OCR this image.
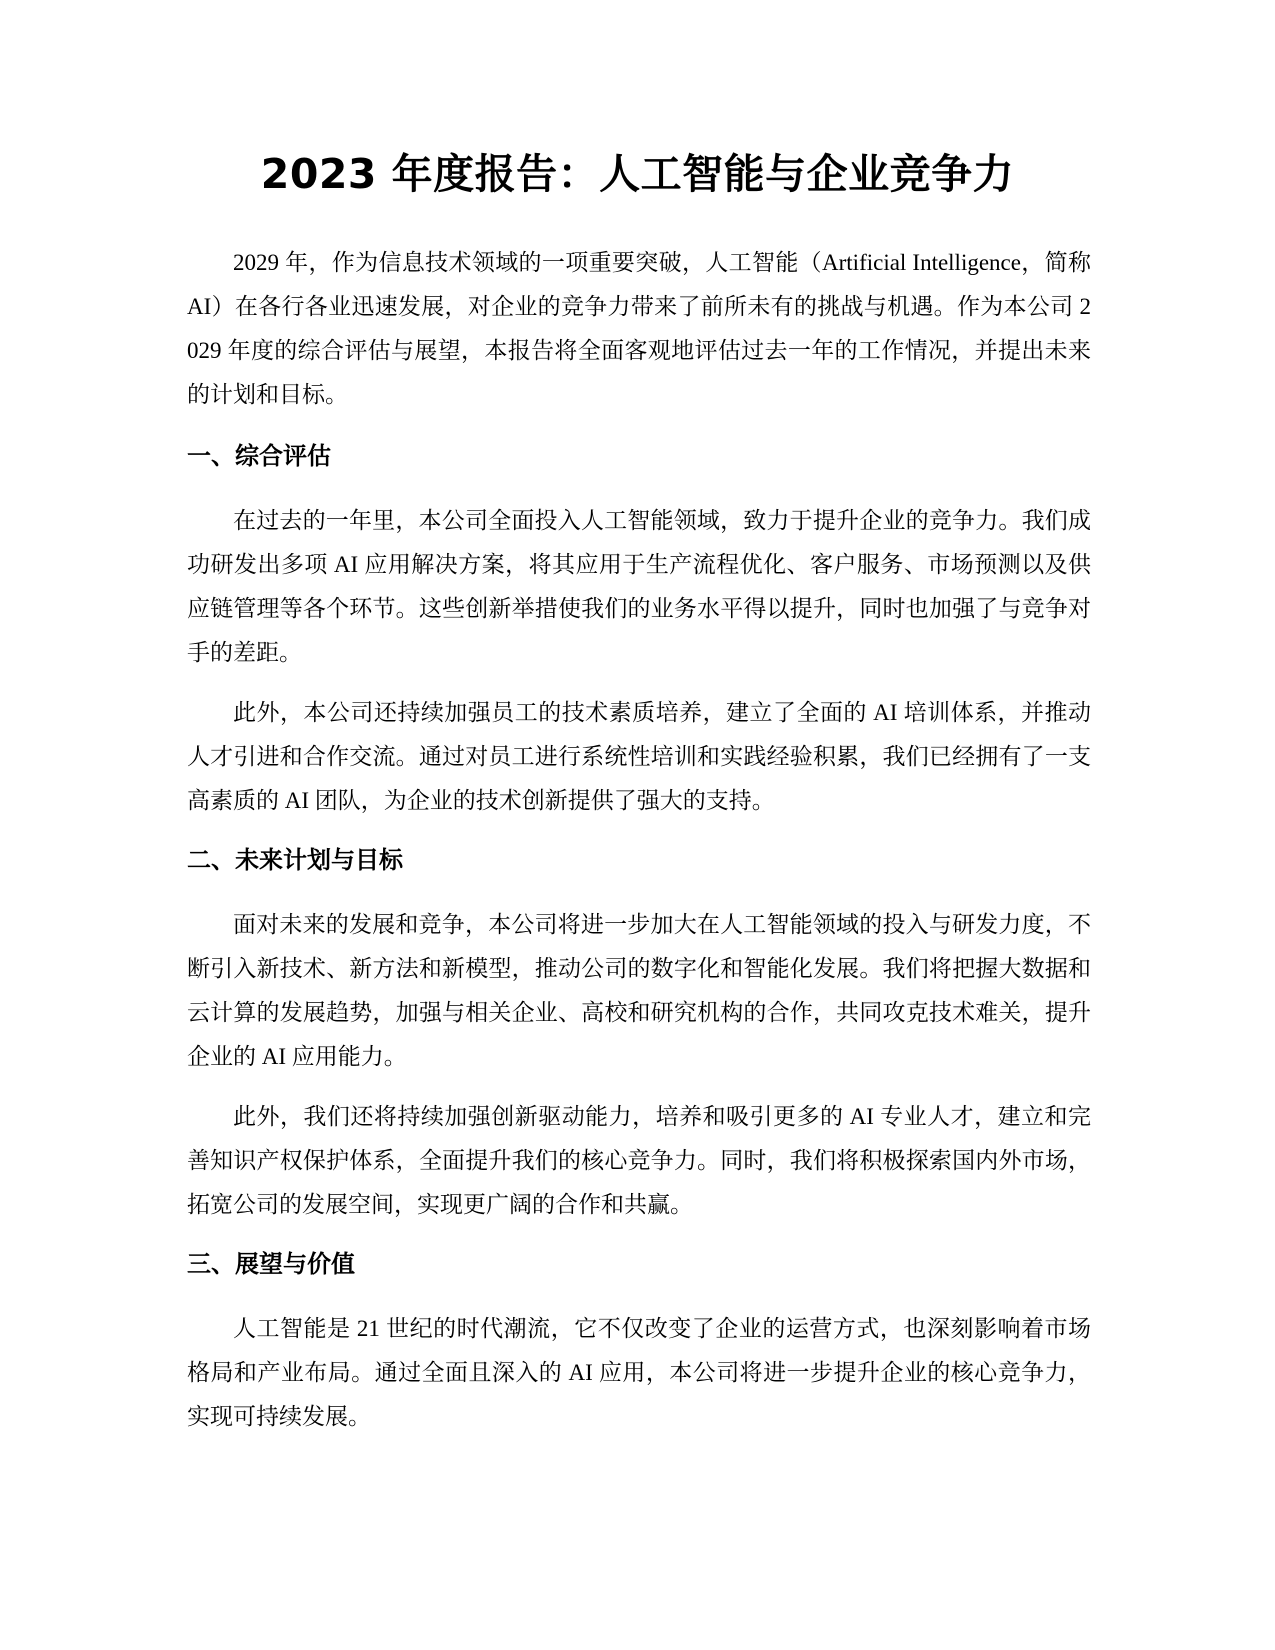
2023 年度报告：人工智能与企业竞争力

2029 年，作为信息技术领域的一项重要突破，人工智能（Artificial Intelligence，简称 AI）在各行各业迅速发展，对企业的竞争力带来了前所未有的挑战与机遇。作为本公司 2029 年度的综合评估与展望，本报告将全面客观地评估过去一年的工作情况，并提出未来的计划和目标。

一、综合评估

在过去的一年里，本公司全面投入人工智能领域，致力于提升企业的竞争力。我们成功研发出多项 AI 应用解决方案，将其应用于生产流程优化、客户服务、市场预测以及供应链管理等各个环节。这些创新举措使我们的业务水平得以提升，同时也加强了与竞争对手的差距。

此外，本公司还持续加强员工的技术素质培养，建立了全面的 AI 培训体系，并推动人才引进和合作交流。通过对员工进行系统性培训和实践经验积累，我们已经拥有了一支高素质的 AI 团队，为企业的技术创新提供了强大的支持。

二、未来计划与目标

面对未来的发展和竞争，本公司将进一步加大在人工智能领域的投入与研发力度，不断引入新技术、新方法和新模型，推动公司的数字化和智能化发展。我们将把握大数据和云计算的发展趋势，加强与相关企业、高校和研究机构的合作，共同攻克技术难关，提升企业的 AI 应用能力。

此外，我们还将持续加强创新驱动能力，培养和吸引更多的 AI 专业人才，建立和完善知识产权保护体系，全面提升我们的核心竞争力。同时，我们将积极探索国内外市场，拓宽公司的发展空间，实现更广阔的合作和共赢。

三、展望与价值

人工智能是 21 世纪的时代潮流，它不仅改变了企业的运营方式，也深刻影响着市场格局和产业布局。通过全面且深入的 AI 应用，本公司将进一步提升企业的核心竞争力，实现可持续发展。
